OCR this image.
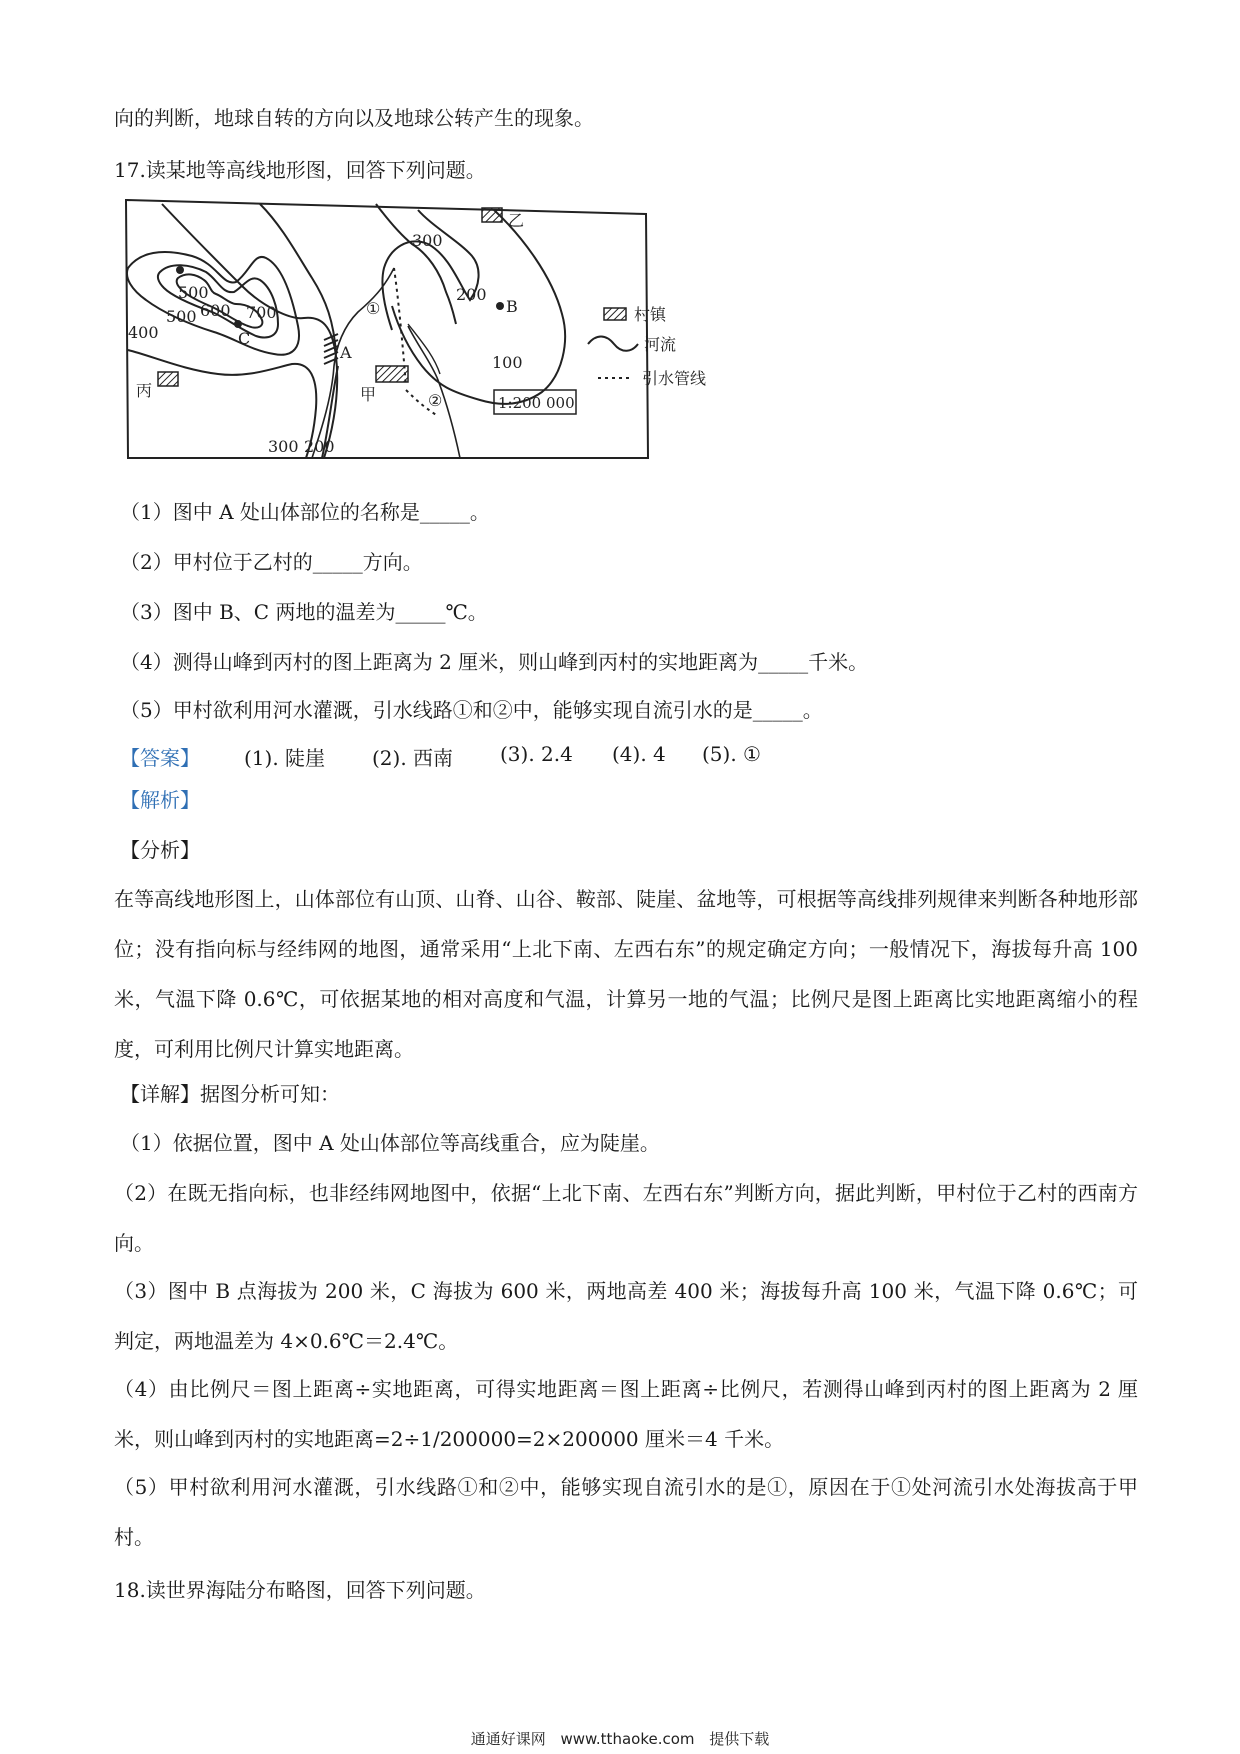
向的判断，地球自转的方向以及地球公转产生的现象。
17.读某地等高线地形图，回答下列问题。
300
200
100
400
500 600 700
500
300 200
A
B
C
乙
甲
丙
①
②
村镇
河流
引水管线
1:200 000
（1）图中 A 处山体部位的名称是_____。
（2）甲村位于乙村的_____方向。
（3）图中 B、C 两地的温差为_____℃。
（4）测得山峰到丙村的图上距离为 2 厘米，则山峰到丙村的实地距离为_____千米。
（5）甲村欲利用河水灌溉，引水线路①和②中，能够实现自流引水的是_____。
【答案】 (1). 陡崖 (2). 西南 (3). 2.4 (4). 4 (5). ①
【解析】
【分析】
在等高线地形图上，山体部位有山顶、山脊、山谷、鞍部、陡崖、盆地等，可根据等高线排列规律来判断各种地形部位；没有指向标与经纬网的地图，通常采用“上北下南、左西右东”的规定确定方向；一般情况下，海拔每升高 100 米，气温下降 0.6℃，可依据某地的相对高度和气温，计算另一地的气温；比例尺是图上距离比实地距离缩小的程度，可利用比例尺计算实地距离。
【详解】据图分析可知：
（1）依据位置，图中 A 处山体部位等高线重合，应为陡崖。
（2）在既无指向标，也非经纬网地图中，依据“上北下南、左西右东”判断方向，据此判断，甲村位于乙村的西南方向。
（3）图中 B 点海拔为 200 米，C 海拔为 600 米，两地高差 400 米；海拔每升高 100 米，气温下降 0.6℃；可判定，两地温差为 4×0.6℃＝2.4℃。
（4）由比例尺＝图上距离÷实地距离，可得实地距离＝图上距离÷比例尺，若测得山峰到丙村的图上距离为 2 厘米，则山峰到丙村的实地距离=2÷1/200000=2×200000 厘米＝4 千米。
（5）甲村欲利用河水灌溉，引水线路①和②中，能够实现自流引水的是①，原因在于①处河流引水处海拔高于甲村。
18.读世界海陆分布略图，回答下列问题。
通通好课网 www.tthaoke.com 提供下载
